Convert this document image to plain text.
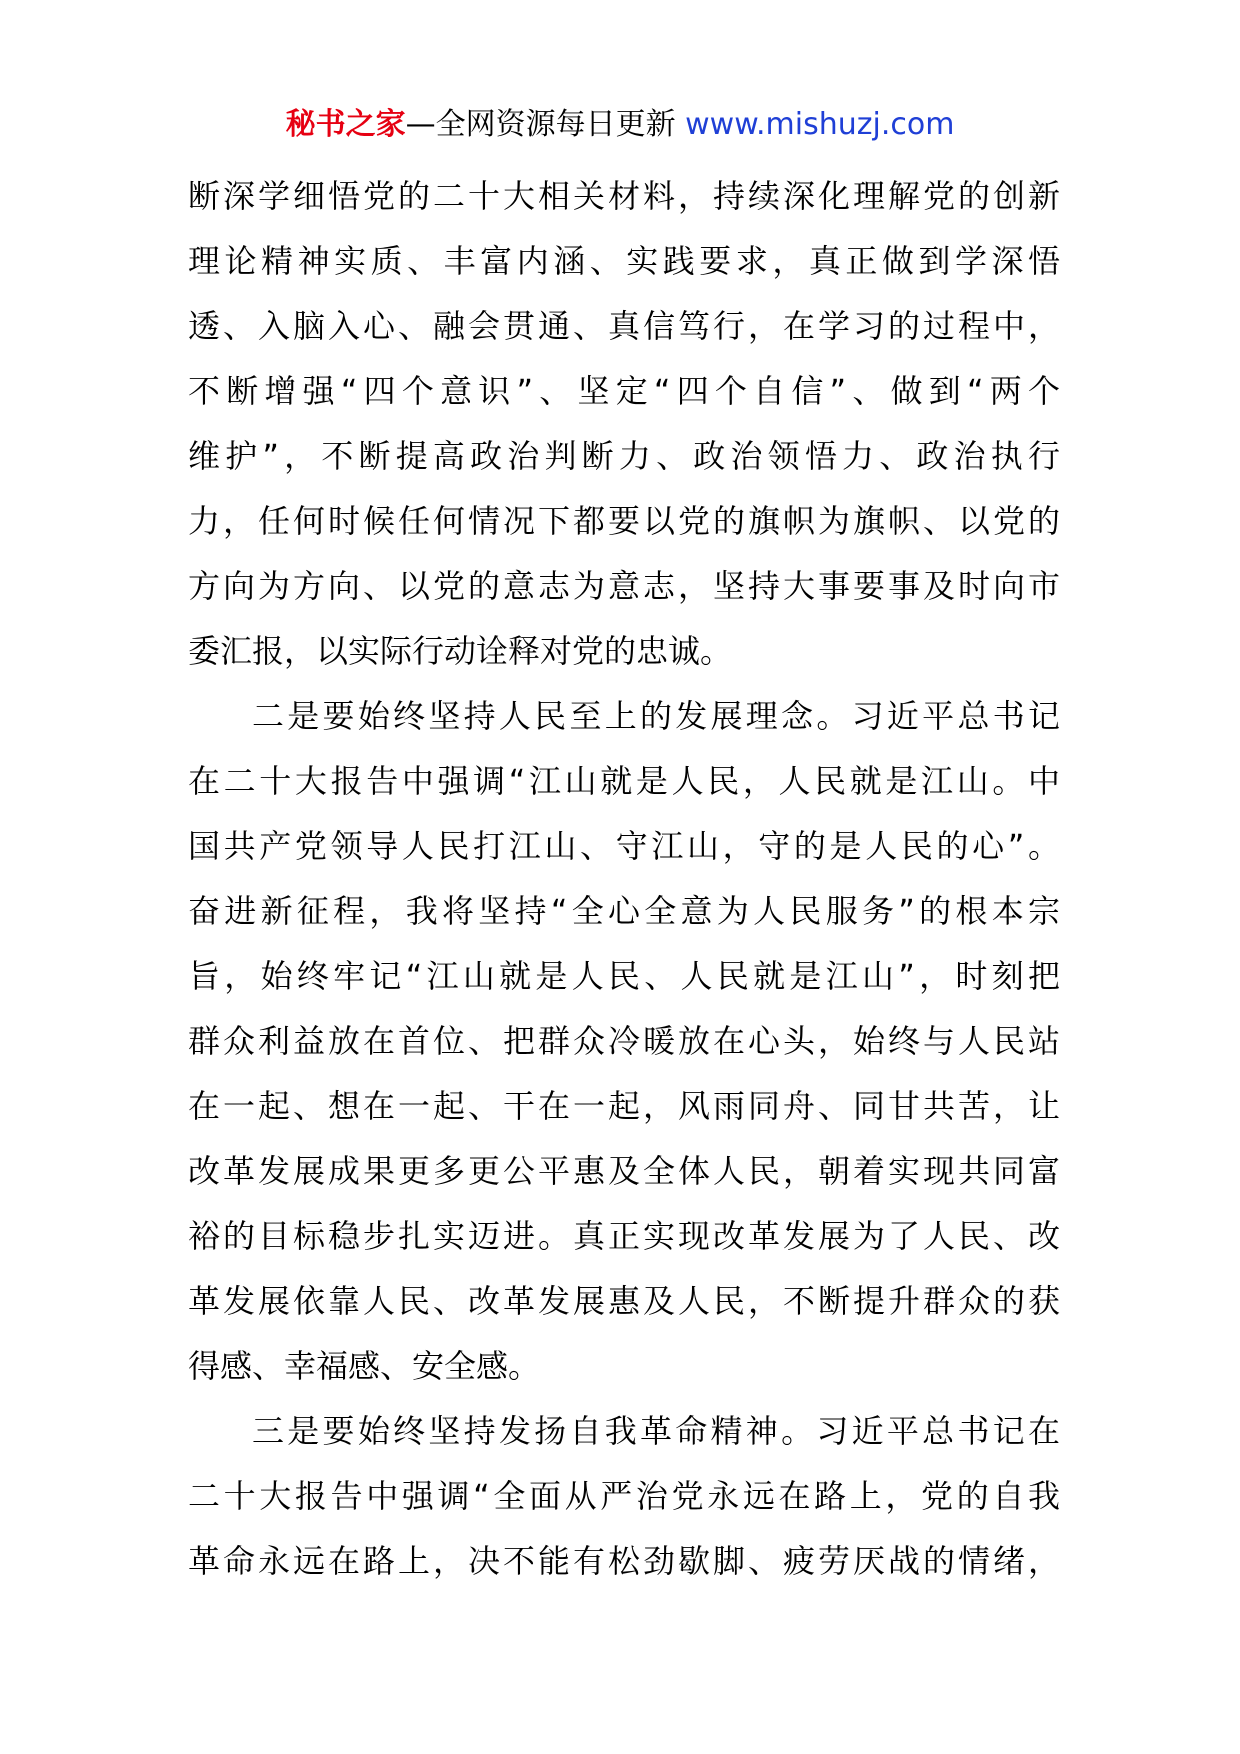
秘书之家—全网资源每日更新 www.mishuzj.com
断深学细悟党的二十大相关材料，持续深化理解党的创新
理论精神实质、丰富内涵、实践要求，真正做到学深悟
透、入脑入心、融会贯通、真信笃行，在学习的过程中，
不断增强“四个意识”、坚定“四个自信”、做到“两个
维护”，不断提高政治判断力、政治领悟力、政治执行
力，任何时候任何情况下都要以党的旗帜为旗帜、以党的
方向为方向、以党的意志为意志，坚持大事要事及时向市
委汇报，以实际行动诠释对党的忠诚。
二是要始终坚持人民至上的发展理念。习近平总书记
在二十大报告中强调“江山就是人民，人民就是江山。中
国共产党领导人民打江山、守江山，守的是人民的心”。
奋进新征程，我将坚持“全心全意为人民服务”的根本宗
旨，始终牢记“江山就是人民、人民就是江山”，时刻把
群众利益放在首位、把群众冷暖放在心头，始终与人民站
在一起、想在一起、干在一起，风雨同舟、同甘共苦，让
改革发展成果更多更公平惠及全体人民，朝着实现共同富
裕的目标稳步扎实迈进。真正实现改革发展为了人民、改
革发展依靠人民、改革发展惠及人民，不断提升群众的获
得感、幸福感、安全感。
三是要始终坚持发扬自我革命精神。习近平总书记在
二十大报告中强调“全面从严治党永远在路上，党的自我
革命永远在路上，决不能有松劲歇脚、疲劳厌战的情绪，
